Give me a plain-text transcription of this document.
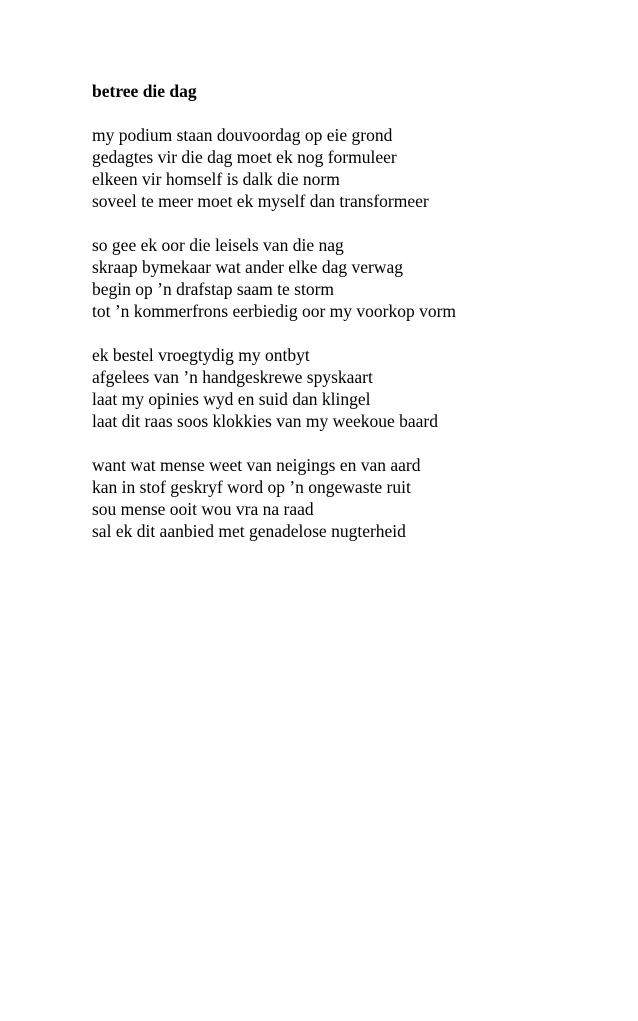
betree die dag
my podium staan douvoordag op eie grond
gedagtes vir die dag moet ek nog formuleer
elkeen vir homself is dalk die norm
soveel te meer moet ek myself dan transformeer
so gee ek oor die leisels van die nag
skraap bymekaar wat ander elke dag verwag
begin op ’n drafstap saam te storm
tot ’n kommerfrons eerbiedig oor my voorkop vorm
ek bestel vroegtydig my ontbyt
afgelees van ’n handgeskrewe spyskaart
laat my opinies wyd en suid dan klingel
laat dit raas soos klokkies van my weekoue baard
want wat mense weet van neigings en van aard
kan in stof geskryf word op ’n ongewaste ruit
sou mense ooit wou vra na raad
sal ek dit aanbied met genadelose nugterheid
